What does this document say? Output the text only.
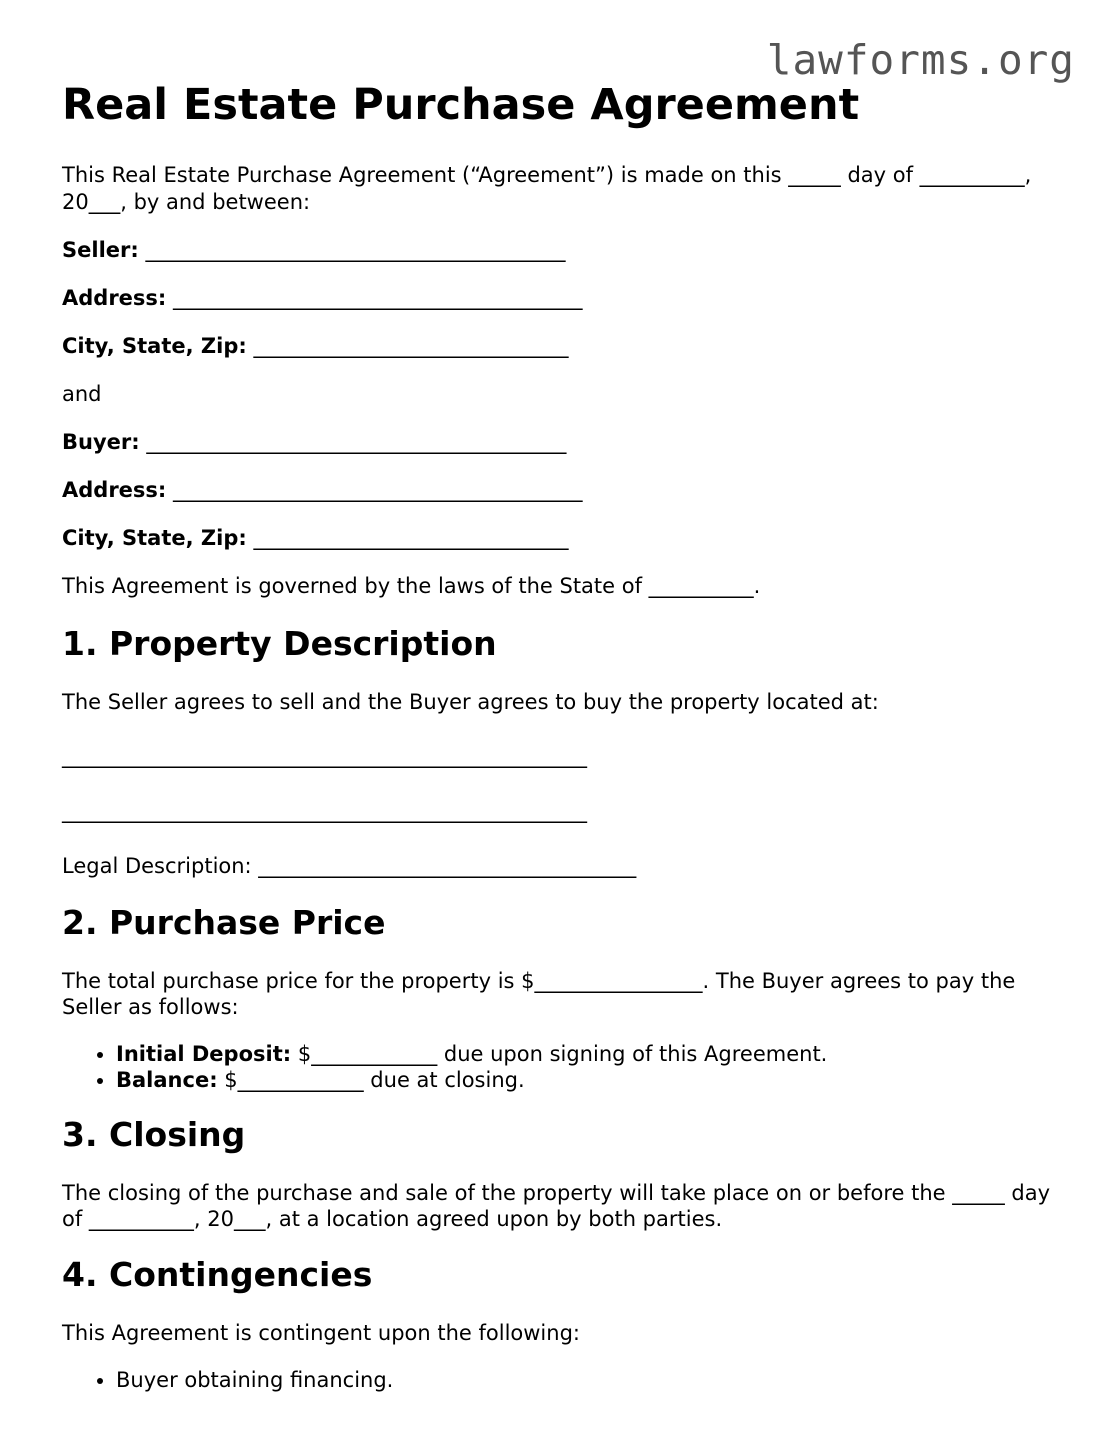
lawforms.org

Real Estate Purchase Agreement

This Real Estate Purchase Agreement (“Agreement”) is made on this _____ day of __________, 20___, by and between:

Seller: ________________________________________

Address: _______________________________________

City, State, Zip: ______________________________

and

Buyer: ________________________________________

Address: _______________________________________

City, State, Zip: ______________________________

This Agreement is governed by the laws of the State of __________.

1. Property Description

The Seller agrees to sell and the Buyer agrees to buy the property located at:

__________________________________________________

__________________________________________________

Legal Description: ____________________________________

2. Purchase Price

The total purchase price for the property is $________________. The Buyer agrees to pay the Seller as follows:

• Initial Deposit: $____________ due upon signing of this Agreement.
• Balance: $____________ due at closing.
3. Closing

The closing of the purchase and sale of the property will take place on or before the _____ day of __________, 20___, at a location agreed upon by both parties.

4. Contingencies

This Agreement is contingent upon the following:

• Buyer obtaining financing.
